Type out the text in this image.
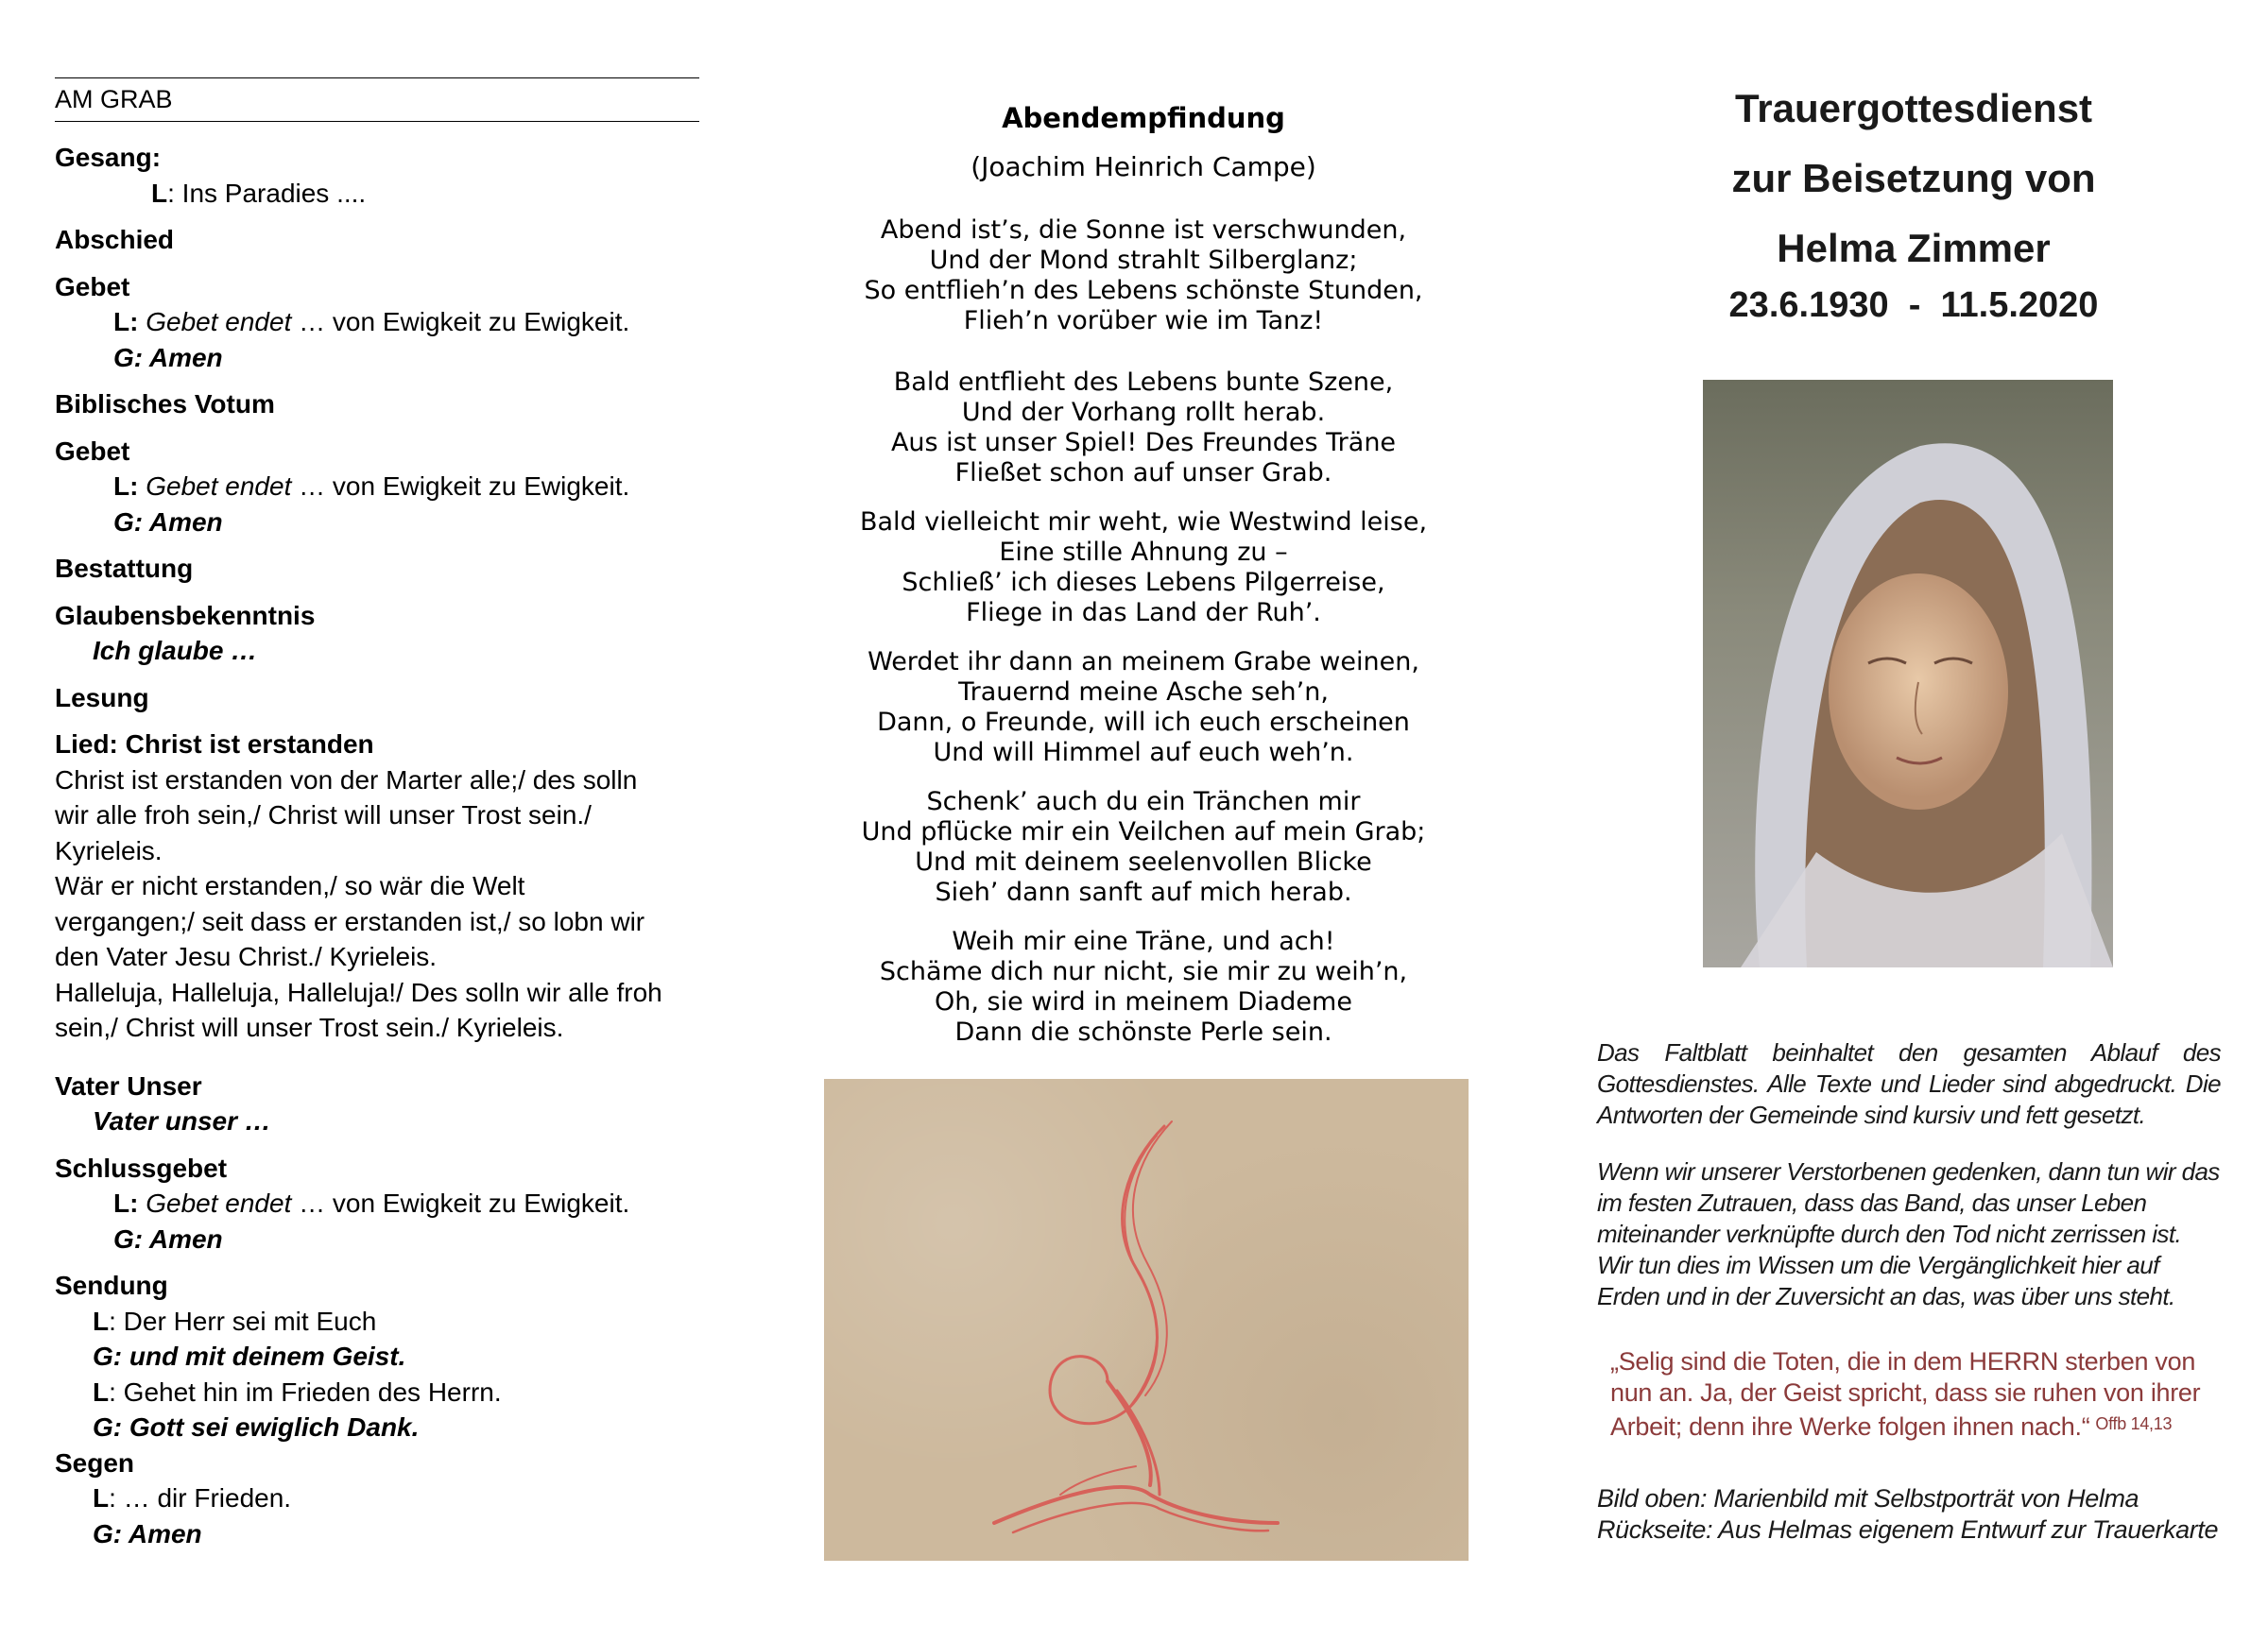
AM GRAB
Gesang:
L: Ins Paradies ....
Abschied
Gebet
L: Gebet endet … von Ewigkeit zu Ewigkeit.
G: Amen
Biblisches Votum
Gebet
L: Gebet endet … von Ewigkeit zu Ewigkeit.
G: Amen
Bestattung
Glaubensbekenntnis
Ich glaube …
Lesung
Lied: Christ ist erstanden
Christ ist erstanden von der Marter alle;/ des solln
wir alle froh sein,/ Christ will unser Trost sein./
Kyrieleis.
Wär er nicht erstanden,/ so wär die Welt
vergangen;/ seit dass er erstanden ist,/ so lobn wir
den Vater Jesu Christ./ Kyrieleis.
Halleluja, Halleluja, Halleluja!/ Des solln wir alle froh
sein,/ Christ will unser Trost sein./ Kyrieleis.
Vater Unser
Vater unser …
Schlussgebet
L: Gebet endet … von Ewigkeit zu Ewigkeit.
G: Amen
Sendung
L: Der Herr sei mit Euch
G: und mit deinem Geist.
L: Gehet hin im Frieden des Herrn.
G: Gott sei ewiglich Dank.
Segen
L: … dir Frieden.
G: Amen
Abendempfindung
(Joachim Heinrich Campe)
Abend ist’s, die Sonne ist verschwunden,
Und der Mond strahlt Silberglanz;
So entflieh’n des Lebens schönste Stunden,
Flieh’n vorüber wie im Tanz!
Bald entflieht des Lebens bunte Szene,
Und der Vorhang rollt herab.
Aus ist unser Spiel! Des Freundes Träne
Fließet schon auf unser Grab.
Bald vielleicht mir weht, wie Westwind leise,
Eine stille Ahnung zu –
Schließ’ ich dieses Lebens Pilgerreise,
Fliege in das Land der Ruh’.
Werdet ihr dann an meinem Grabe weinen,
Trauernd meine Asche seh’n,
Dann, o Freunde, will ich euch erscheinen
Und will Himmel auf euch weh’n.
Schenk’ auch du ein Tränchen mir
Und pflücke mir ein Veilchen auf mein Grab;
Und mit deinem seelenvollen Blicke
Sieh’ dann sanft auf mich herab.
Weih mir eine Träne, und ach!
Schäme dich nur nicht, sie mir zu weih’n,
Oh, sie wird in meinem Diademe
Dann die schönste Perle sein.
Trauergottesdienst
zur Beisetzung von
Helma Zimmer
23.6.1930  -  11.5.2020
Das Faltblatt beinhaltet den gesamten Ablauf des Gottesdienstes. Alle Texte und Lieder sind abgedruckt. Die Antworten der Gemeinde sind kursiv und fett gesetzt.
Wenn wir unserer Verstorbenen gedenken, dann tun wir das im festen Zutrauen, dass das Band, das unser Leben miteinander verknüpfte durch den Tod nicht zerrissen ist. Wir tun dies im Wissen um die Vergänglichkeit hier auf Erden und in der Zuversicht an das, was über uns steht.
„Selig sind die Toten, die in dem HERRN sterben von nun an. Ja, der Geist spricht, dass sie ruhen von ihrer Arbeit; denn ihre Werke folgen ihnen nach.“ $^{Offb 14,13}$
Bild oben: Marienbild mit Selbstporträt von Helma
Rückseite: Aus Helmas eigenem Entwurf zur Trauerkarte
